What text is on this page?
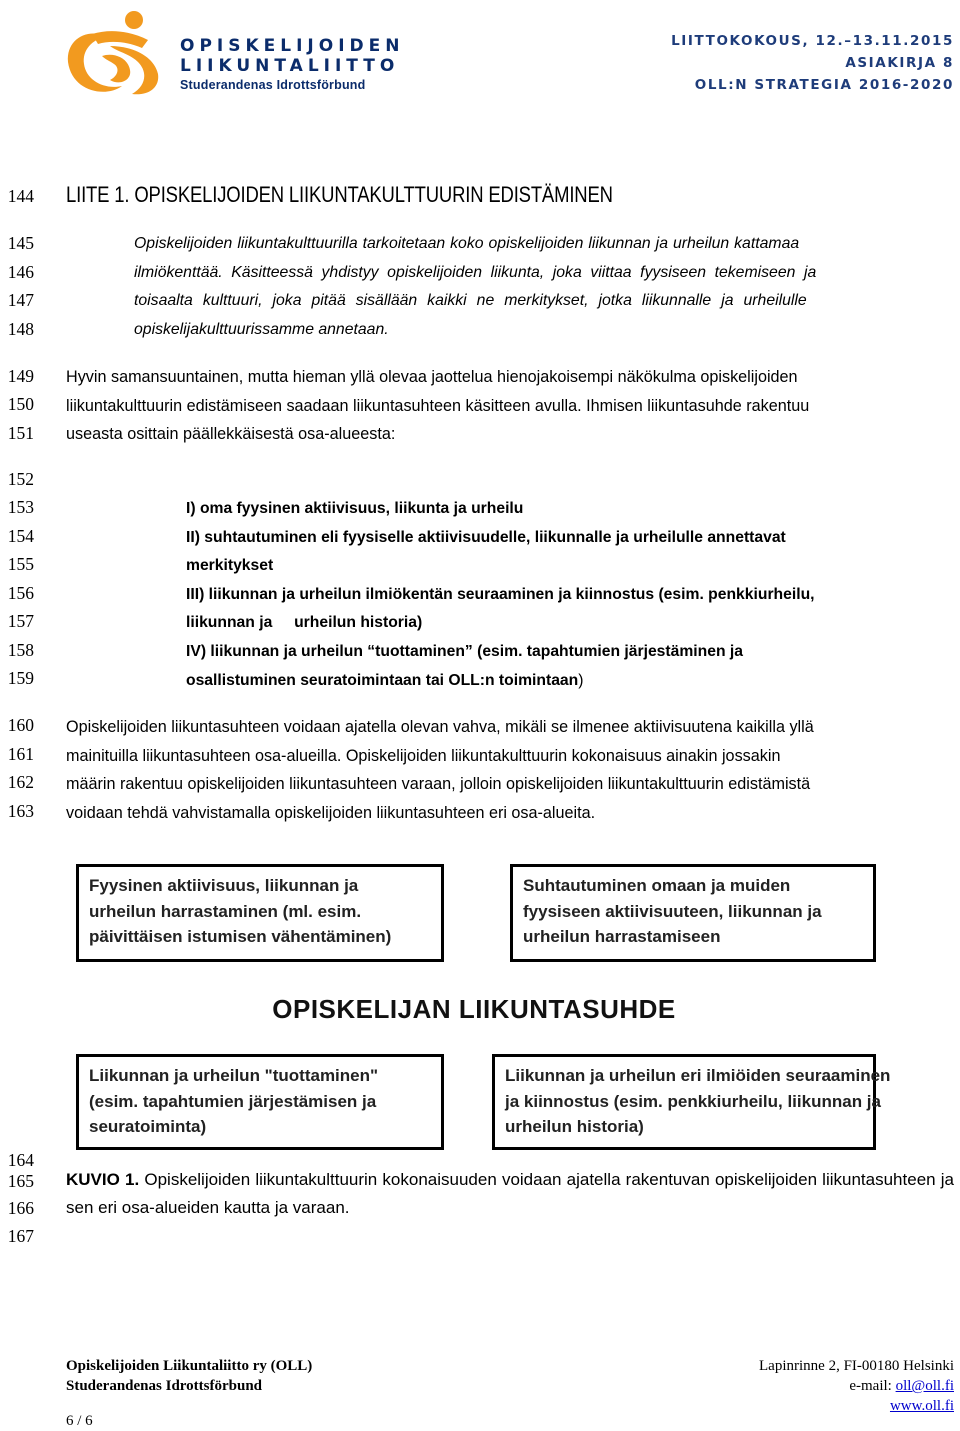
OPISKELIJOIDEN
LIIKUNTALIITTO
Studerandenas Idrottsförbund
LIITTOKOKOUS, 12.–13.11.2015
ASIAKIRJA 8
OLL:N STRATEGIA 2016-2020
144
145
146
147
148
149
150
151
152
153
154
155
156
157
158
159
160
161
162
163
164
165
166
167
LIITE 1. OPISKELIJOIDEN LIIKUNTAKULTTUURIN EDISTÄMINEN
Opiskelijoiden liikuntakulttuurilla tarkoitetaan koko opiskelijoiden liikunnan ja urheilun kattamaa
ilmiökenttää. Käsitteessä yhdistyy opiskelijoiden liikunta, joka viittaa fyysiseen tekemiseen ja
toisaalta kulttuuri, joka pitää sisällään kaikki ne merkitykset, jotka liikunnalle ja urheilulle
opiskelijakulttuurissamme annetaan.
Hyvin samansuuntainen, mutta hieman yllä olevaa jaottelua hienojakoisempi näkökulma opiskelijoiden
liikuntakulttuurin edistämiseen saadaan liikuntasuhteen käsitteen avulla. Ihmisen liikuntasuhde rakentuu
useasta osittain päällekkäisestä osa-alueesta:
I) oma fyysinen aktiivisuus, liikunta ja urheilu
II) suhtautuminen eli fyysiselle aktiivisuudelle, liikunnalle ja urheilulle annettavat
merkitykset
III) liikunnan ja urheilun ilmiökentän seuraaminen ja kiinnostus (esim. penkkiurheilu,
liikunnan ja     urheilun historia)
IV) liikunnan ja urheilun “tuottaminen” (esim. tapahtumien järjestäminen ja
osallistuminen seuratoimintaan tai OLL:n toimintaan)
Opiskelijoiden liikuntasuhteen voidaan ajatella olevan vahva, mikäli se ilmenee aktiivisuutena kaikilla yllä
mainituilla liikuntasuhteen osa-alueilla. Opiskelijoiden liikuntakulttuurin kokonaisuus ainakin jossakin
määrin rakentuu opiskelijoiden liikuntasuhteen varaan, jolloin opiskelijoiden liikuntakulttuurin edistämistä
voidaan tehdä vahvistamalla opiskelijoiden liikuntasuhteen eri osa-alueita.
Fyysinen aktiivisuus, liikunnan ja
urheilun harrastaminen (ml. esim.
päivittäisen istumisen vähentäminen)
Suhtautuminen omaan ja muiden
fyysiseen aktiivisuuteen, liikunnan ja
urheilun harrastamiseen
OPISKELIJAN LIIKUNTASUHDE
Liikunnan ja urheilun "tuottaminen"
(esim. tapahtumien järjestämisen ja
seuratoiminta)
Liikunnan ja urheilun eri ilmiöiden seuraaminen
ja kiinnostus (esim. penkkiurheilu, liikunnan ja
urheilun historia)
KUVIO 1. Opiskelijoiden liikuntakulttuurin kokonaisuuden voidaan ajatella rakentuvan opiskelijoiden liikuntasuhteen ja sen eri osa-alueiden kautta ja varaan.
Opiskelijoiden Liikuntaliitto ry (OLL)
Studerandenas Idrottsförbund
Lapinrinne 2, FI-00180 Helsinki
e-mail: oll@oll.fi
www.oll.fi
6 / 6
